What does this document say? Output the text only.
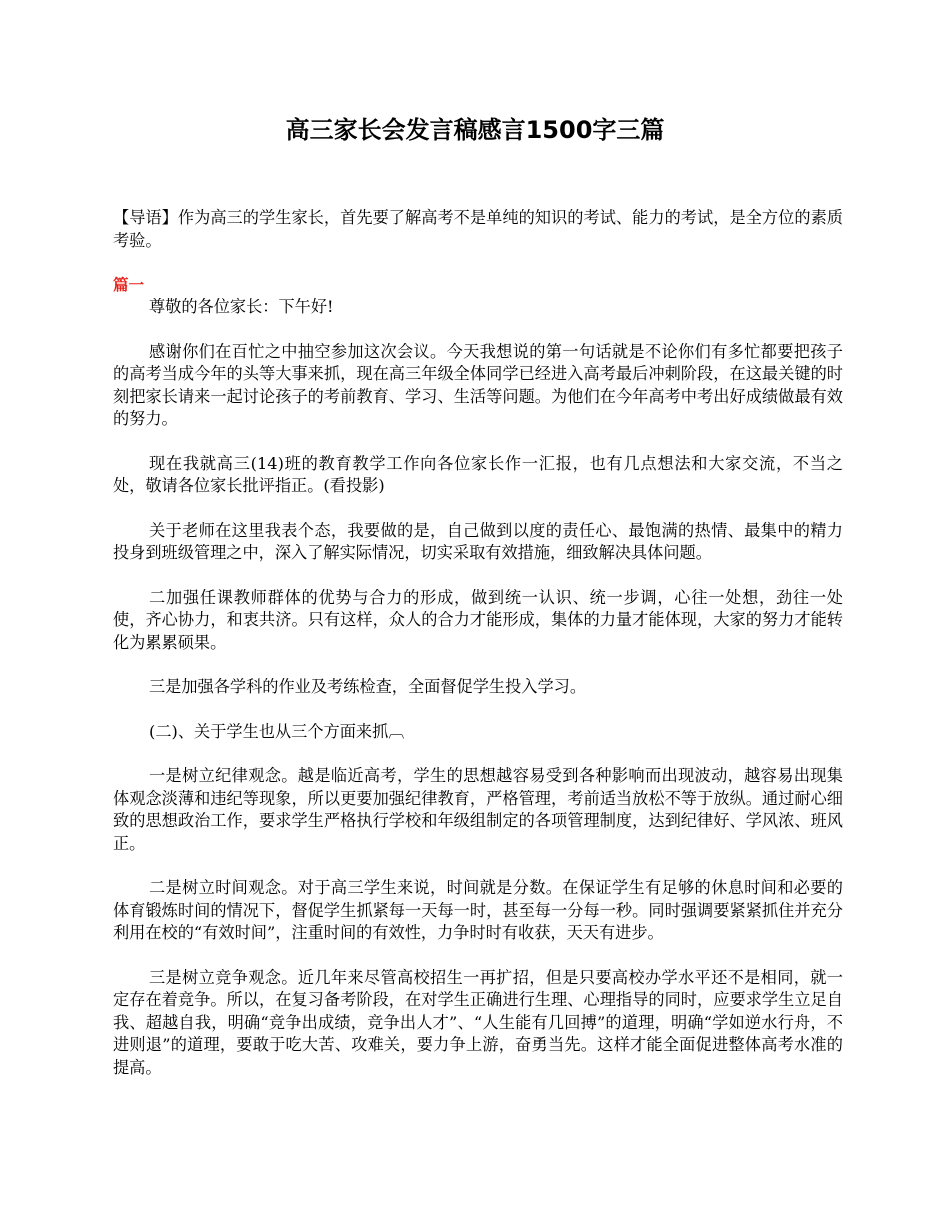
高三家长会发言稿感言1500字三篇

【导语】作为高三的学生家长，首先要了解高考不是单纯的知识的考试、能力的考试，是全方位的素质考验。

篇一

尊敬的各位家长：下午好!

感谢你们在百忙之中抽空参加这次会议。今天我想说的第一句话就是不论你们有多忙都要把孩子的高考当成今年的头等大事来抓，现在高三年级全体同学已经进入高考最后冲刺阶段，在这最关键的时刻把家长请来一起讨论孩子的考前教育、学习、生活等问题。为他们在今年高考中考出好成绩做最有效的努力。

现在我就高三(14)班的教育教学工作向各位家长作一汇报，也有几点想法和大家交流，不当之处，敬请各位家长批评指正。(看投影)

关于老师在这里我表个态，我要做的是，自己做到以度的责任心、最饱满的热情、最集中的精力投身到班级管理之中，深入了解实际情况，切实采取有效措施，细致解决具体问题。

二加强任课教师群体的优势与合力的形成，做到统一认识、统一步调，心往一处想，劲往一处使，齐心协力，和衷共济。只有这样，众人的合力才能形成，集体的力量才能体现，大家的努力才能转化为累累硕果。

三是加强各学科的作业及考练检查，全面督促学生投入学习。

(二)、关于学生也从三个方面来抓︹

一是树立纪律观念。越是临近高考，学生的思想越容易受到各种影响而出现波动，越容易出现集体观念淡薄和违纪等现象，所以更要加强纪律教育，严格管理，考前适当放松不等于放纵。通过耐心细致的思想政治工作，要求学生严格执行学校和年级组制定的各项管理制度，达到纪律好、学风浓、班风正。

二是树立时间观念。对于高三学生来说，时间就是分数。在保证学生有足够的休息时间和必要的体育锻炼时间的情况下，督促学生抓紧每一天每一时，甚至每一分每一秒。同时强调要紧紧抓住并充分利用在校的“有效时间”，注重时间的有效性，力争时时有收获，天天有进步。

三是树立竞争观念。近几年来尽管高校招生一再扩招，但是只要高校办学水平还不是相同，就一定存在着竞争。所以，在复习备考阶段，在对学生正确进行生理、心理指导的同时，应要求学生立足自我、超越自我，明确“竞争出成绩，竞争出人才”、“人生能有几回搏”的道理，明确“学如逆水行舟，不进则退”的道理，要敢于吃大苦、攻难关，要力争上游，奋勇当先。这样才能全面促进整体高考水准的提高。
